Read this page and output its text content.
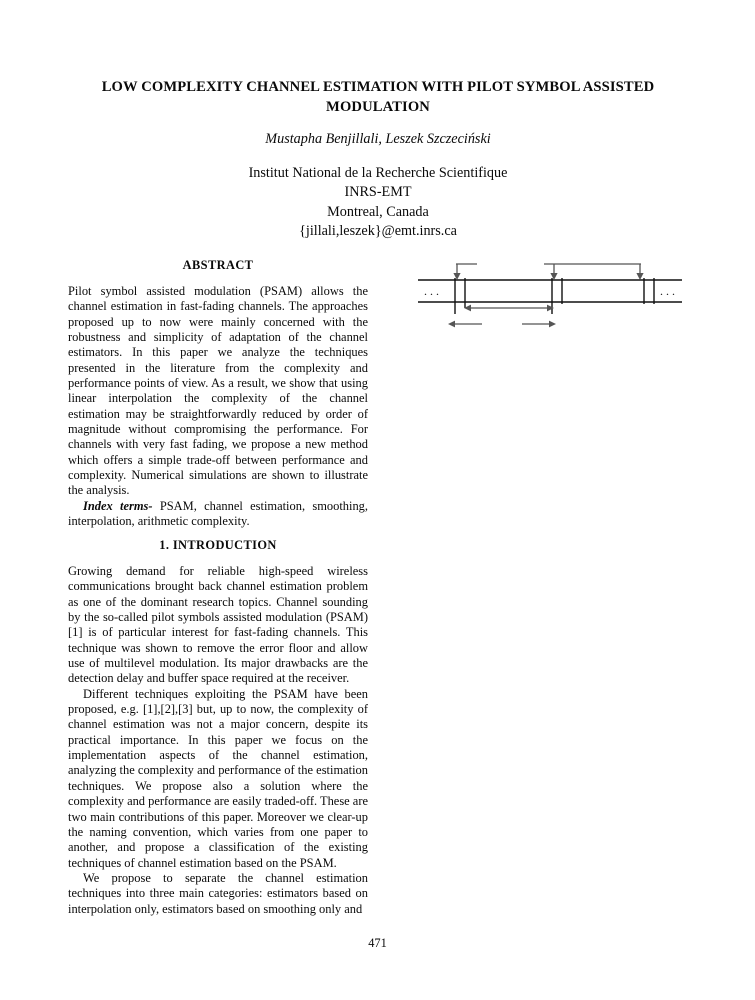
LOW COMPLEXITY CHANNEL ESTIMATION WITH PILOT SYMBOL ASSISTED MODULATION
Mustapha Benjillali, Leszek Szczeciński
Institut National de la Recherche Scientifique
INRS-EMT
Montreal, Canada
{jillali,leszek}@emt.inrs.ca
ABSTRACT

Pilot symbol assisted modulation (PSAM) allows the channel estimation in fast-fading channels. The approaches proposed up to now were mainly concerned with the robustness and simplicity of adaptation of the channel estimators. In this paper we analyze the techniques presented in the literature from the complexity and performance points of view. As a result, we show that using linear interpolation the complexity of the channel estimation may be straightforwardly reduced by order of magnitude without compromising the performance. For channels with very fast fading, we propose a new method which offers a simple trade-off between performance and complexity. Numerical simulations are shown to illustrate the analysis.

Index terms- PSAM, channel estimation, smoothing, interpolation, arithmetic complexity.

1. INTRODUCTION

Growing demand for reliable high-speed wireless communications brought back channel estimation problem as one of the dominant research topics. Channel sounding by the so-called pilot symbols assisted modulation (PSAM) [1] is of particular interest for fast-fading channels. This technique was shown to remove the error floor and allow use of multilevel modulation. Its major drawbacks are the detection delay and buffer space required at the receiver.

Different techniques exploiting the PSAM have been proposed, e.g. [1],[2],[3] but, up to now, the complexity of channel estimation was not a major concern, despite its practical importance. In this paper we focus on the implementation aspects of the channel estimation, analyzing the complexity and performance of the estimation techniques. We propose also a solution where the complexity and performance are easily traded-off. These are two main contributions of this paper. Moreover we clear-up the naming convention, which varies from one paper to another, and propose a classification of the existing techniques of channel estimation based on the PSAM.

We propose to separate the channel estimation techniques into three main categories: estimators based on interpolation only, estimators based on smoothing only and

. . .	. . .
471
